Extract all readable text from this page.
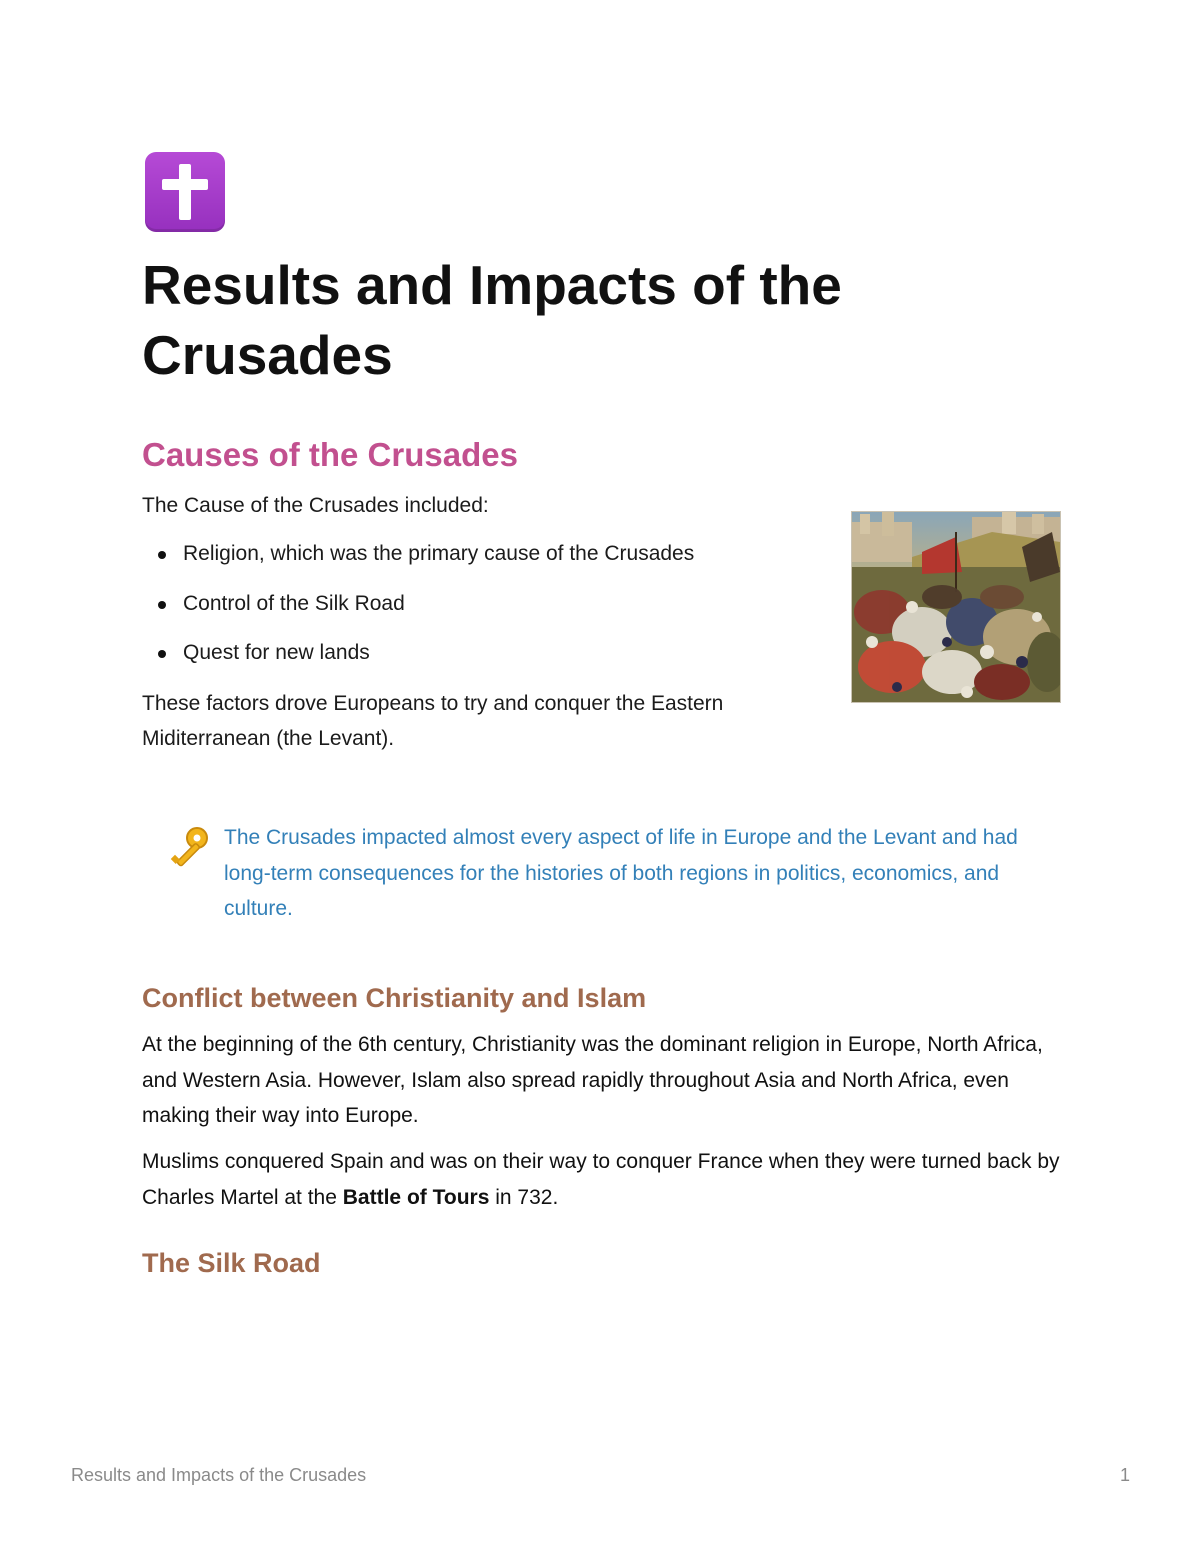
Results and Impacts of the Crusades
Causes of the Crusades

The Cause of the Crusades included:

Religion, which was the primary cause of the Crusades
Control of the Silk Road
Quest for new lands

These factors drove Europeans to try and conquer the Eastern Miditerranean (the Levant).

The Crusades impacted almost every aspect of life in Europe and the Levant and had long-term consequences for the histories of both regions in politics, economics, and culture.

Conflict between Christianity and Islam

At the beginning of the 6th century, Christianity was the dominant religion in Europe, North Africa, and Western Asia. However, Islam also spread rapidly throughout Asia and North Africa, even making their way into Europe.

Muslims conquered Spain and was on their way to conquer France when they were turned back by Charles Martel at the Battle of Tours in 732.

The Silk Road
Results and Impacts of the Crusades	1
